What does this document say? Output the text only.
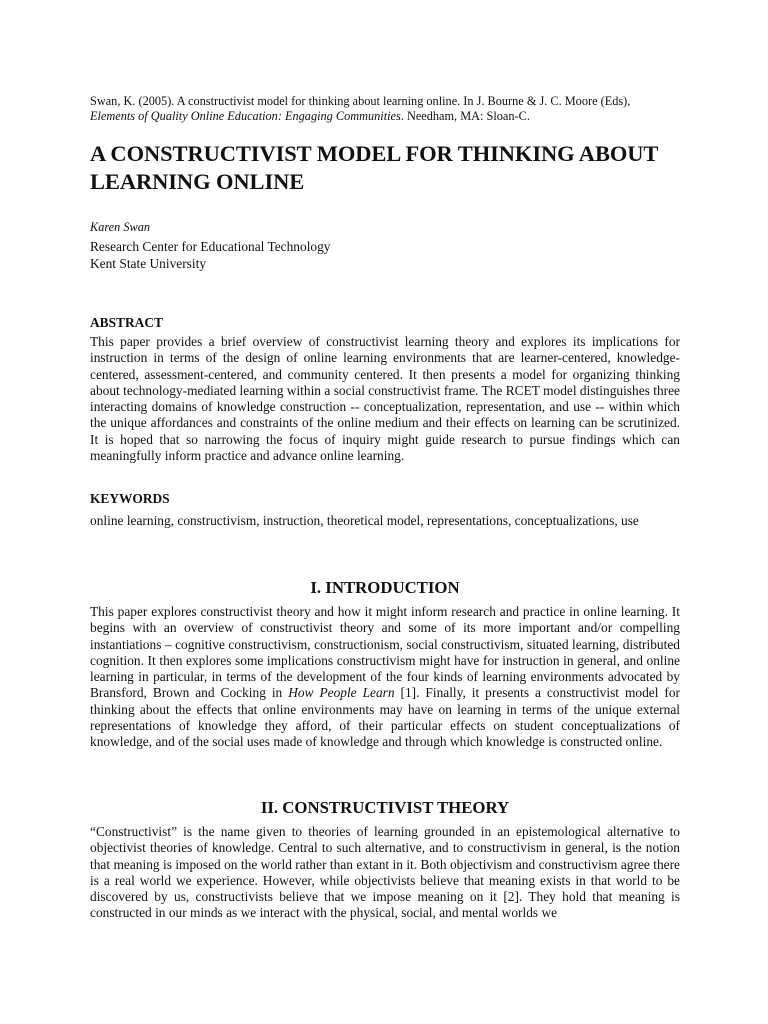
Swan, K. (2005). A constructivist model for thinking about learning online. In J. Bourne & J. C. Moore (Eds),
Elements of Quality Online Education: Engaging Communities. Needham, MA: Sloan-C.
A CONSTRUCTIVIST MODEL FOR THINKING ABOUT LEARNING ONLINE
Karen Swan
Research Center for Educational Technology
Kent State University
ABSTRACT

This paper provides a brief overview of constructivist learning theory and explores its implications for instruction in terms of the design of online learning environments that are learner-centered, knowledge-centered, assessment-centered, and community centered. It then presents a model for organizing thinking about technology-mediated learning within a social constructivist frame. The RCET model distinguishes three interacting domains of knowledge construction -- conceptualization, representation, and use -- within which the unique affordances and constraints of the online medium and their effects on learning can be scrutinized. It is hoped that so narrowing the focus of inquiry might guide research to pursue findings which can meaningfully inform practice and advance online learning.

KEYWORDS

online learning, constructivism, instruction, theoretical model, representations, conceptualizations, use

I. INTRODUCTION

This paper explores constructivist theory and how it might inform research and practice in online learning. It begins with an overview of constructivist theory and some of its more important and/or compelling instantiations – cognitive constructivism, constructionism, social constructivism, situated learning, distributed cognition. It then explores some implications constructivism might have for instruction in general, and online learning in particular, in terms of the development of the four kinds of learning environments advocated by Bransford, Brown and Cocking in How People Learn [1]. Finally, it presents a constructivist model for thinking about the effects that online environments may have on learning in terms of the unique external representations of knowledge they afford, of their particular effects on student conceptualizations of knowledge, and of the social uses made of knowledge and through which knowledge is constructed online.

II. CONSTRUCTIVIST THEORY

“Constructivist” is the name given to theories of learning grounded in an epistemological alternative to objectivist theories of knowledge. Central to such alternative, and to constructivism in general, is the notion that meaning is imposed on the world rather than extant in it. Both objectivism and constructivism agree there is a real world we experience. However, while objectivists believe that meaning exists in that world to be discovered by us, constructivists believe that we impose meaning on it [2]. They hold that meaning is constructed in our minds as we interact with the physical, social, and mental worlds we
